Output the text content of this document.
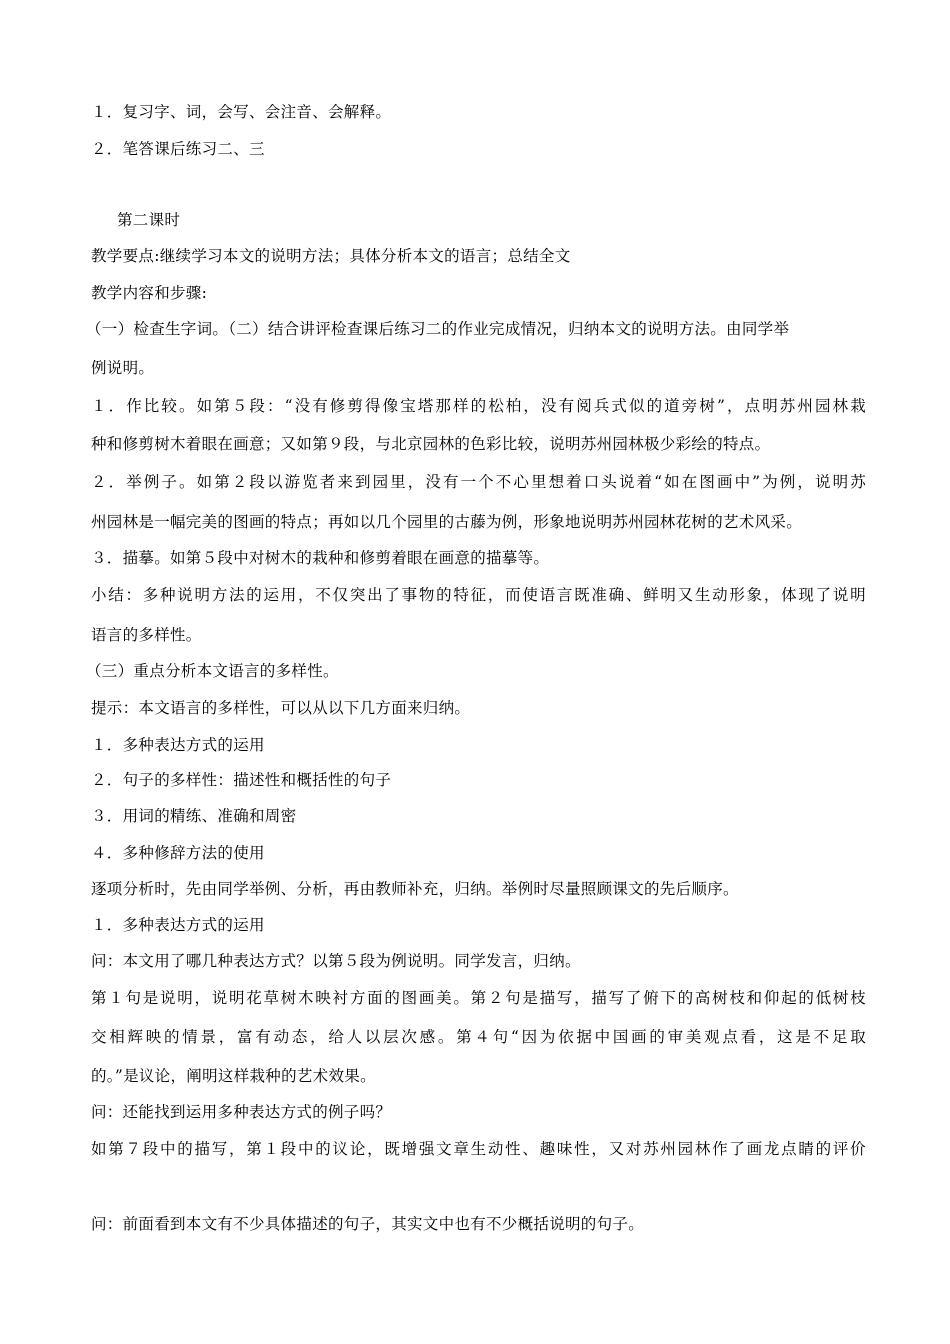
１．复习字、词，会写、会注音、会解释。
２．笔答课后练习二、三
第二课时
教学要点:继续学习本文的说明方法；具体分析本文的语言；总结全文
教学内容和步骤:
（一）检查生字词。（二）结合讲评检查课后练习二的作业完成情况，归纳本文的说明方法。由同学举
例说明。
１．作比较。如第５段：“没有修剪得像宝塔那样的松柏，没有阅兵式似的道旁树”，点明苏州园林栽
种和修剪树木着眼在画意；又如第９段，与北京园林的色彩比较，说明苏州园林极少彩绘的特点。
２．举例子。如第２段以游览者来到园里，没有一个不心里想着口头说着“如在图画中”为例，说明苏
州园林是一幅完美的图画的特点；再如以几个园里的古藤为例，形象地说明苏州园林花树的艺术风采。
３．描摹。如第５段中对树木的栽种和修剪着眼在画意的描摹等。
小结：多种说明方法的运用，不仅突出了事物的特征，而使语言既准确、鲜明又生动形象，体现了说明
语言的多样性。
（三）重点分析本文语言的多样性。
提示：本文语言的多样性，可以从以下几方面来归纳。
１．多种表达方式的运用
２．句子的多样性：描述性和概括性的句子
３．用词的精练、准确和周密
４．多种修辞方法的使用
逐项分析时，先由同学举例、分析，再由教师补充，归纳。举例时尽量照顾课文的先后顺序。
１．多种表达方式的运用
问：本文用了哪几种表达方式？以第５段为例说明。同学发言，归纳。
第１句是说明，说明花草树木映衬方面的图画美。第２句是描写，描写了俯下的高树枝和仰起的低树枝
交相辉映的情景，富有动态，给人以层次感。第４句“因为依据中国画的审美观点看，这是不足取
的。”是议论，阐明这样栽种的艺术效果。
问：还能找到运用多种表达方式的例子吗？
如第７段中的描写，第１段中的议论，既增强文章生动性、趣味性，又对苏州园林作了画龙点睛的评价
问：前面看到本文有不少具体描述的句子，其实文中也有不少概括说明的句子。
